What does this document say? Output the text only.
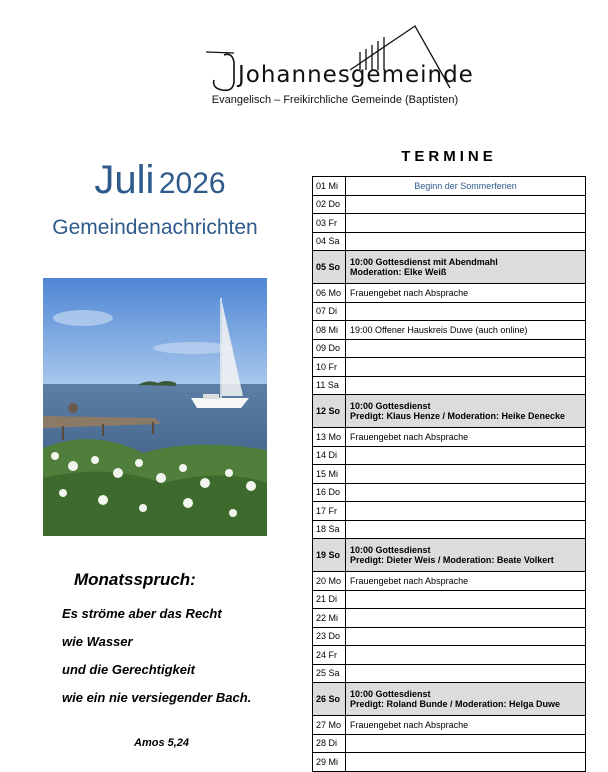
Johannesgemeinde
Evangelisch – Freikirchliche Gemeinde (Baptisten)
Juli 2026
Gemeindenachrichten
Monatsspruch:
Es ströme aber das Recht
wie Wasser
und die Gerechtigkeit
wie ein nie versiegender Bach.
Amos 5,24
TERMINE
01 Mi	Beginn der Sommerferien
02 Do
03 Fr
04 Sa
05 So	10:00 Gottesdienst mit Abendmahl
Moderation: Elke Weiß
06 Mo Frauengebet nach Absprache
07 Di
08 Mi	19:00 Offener Hauskreis Duwe (auch online)
09 Do
10 Fr
11 Sa
12 So	10:00 Gottesdienst
Predigt: Klaus Henze / Moderation: Heike Denecke
13 Mo Frauengebet nach Absprache
14 Di
15 Mi
16 Do
17 Fr
18 Sa
19 So	10:00 Gottesdienst
Predigt: Dieter Weis / Moderation: Beate Volkert
20 Mo Frauengebet nach Absprache
21 Di
22 Mi
23 Do
24 Fr
25 Sa
26 So	10:00 Gottesdienst
Predigt: Roland Bunde / Moderation: Helga Duwe
27 Mo Frauengebet nach Absprache
28 Di
29 Mi
